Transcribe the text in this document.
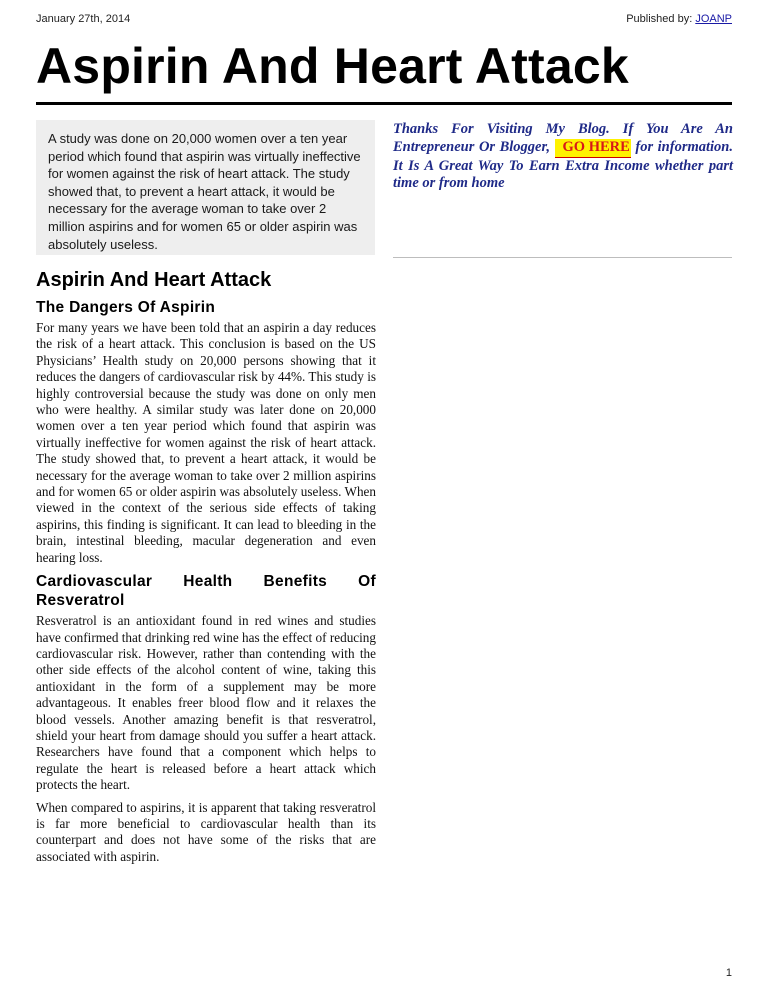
January 27th, 2014	Published by: JOANP
Aspirin And Heart Attack
A study was done on 20,000 women over a ten year period which found that aspirin was virtually ineffective for women against the risk of heart attack. The study showed that, to prevent a heart attack, it would be necessary for the average woman to take over 2 million aspirins and for women 65 or older aspirin was absolutely useless.
Thanks For Visiting My Blog. If You Are An Entrepreneur Or Blogger, GO HERE for information. It Is A Great Way To Earn Extra Income whether part time or from home
Aspirin And Heart Attack
The Dangers Of Aspirin

For many years we have been told that an aspirin a day reduces the risk of a heart attack. This conclusion is based on the US Physicians’ Health study on 20,000 persons showing that it reduces the dangers of cardiovascular risk by 44%. This study is highly controversial because the study was done on only men who were healthy. A similar study was later done on 20,000 women over a ten year period which found that aspirin was virtually ineffective for women against the risk of heart attack. The study showed that, to prevent a heart attack, it would be necessary for the average woman to take over 2 million aspirins and for women 65 or older aspirin was absolutely useless. When viewed in the context of the serious side effects of taking aspirins, this finding is significant. It can lead to bleeding in the brain, intestinal bleeding, macular degeneration and even hearing loss.

Cardiovascular Health Benefits Of Resveratrol

Resveratrol is an antioxidant found in red wines and studies have confirmed that drinking red wine has the effect of reducing cardiovascular risk. However, rather than contending with the other side effects of the alcohol content of wine, taking this antioxidant in the form of a supplement may be more advantageous. It enables freer blood flow and it relaxes the blood vessels. Another amazing benefit is that resveratrol, shield your heart from damage should you suffer a heart attack. Researchers have found that a component which helps to regulate the heart is released before a heart attack which protects the heart.

When compared to aspirins, it is apparent that taking resveratrol is far more beneficial to cardiovascular health than its counterpart and does not have some of the risks that are associated with aspirin.

1
